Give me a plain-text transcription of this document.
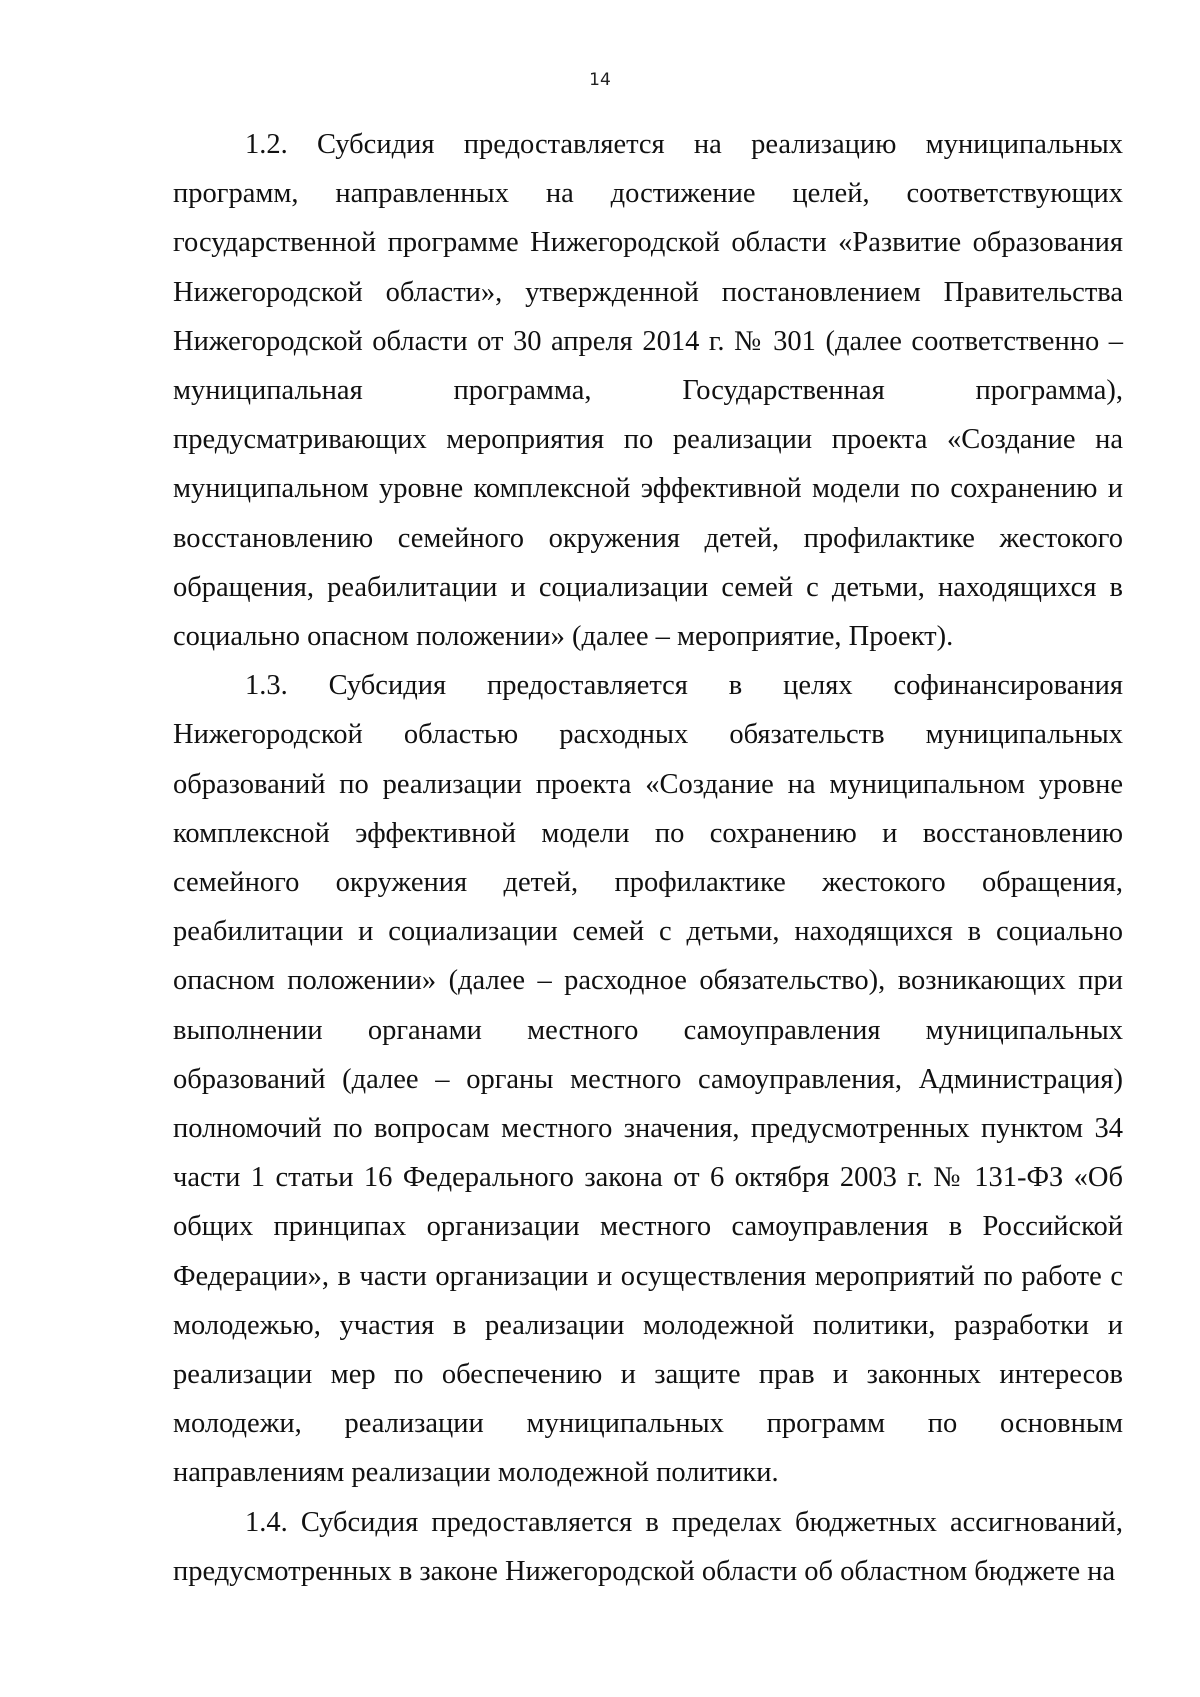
14

1.2. Субсидия предоставляется на реализацию муниципальных программ, направленных на достижение целей, соответствующих государственной программе Нижегородской области «Развитие образования Нижегородской области», утвержденной постановлением Правительства Нижегородской области от 30 апреля 2014 г. № 301 (далее соответственно – муниципальная программа, Государственная программа), предусматривающих мероприятия по реализации проекта «Создание на муниципальном уровне комплексной эффективной модели по сохранению и восстановлению семейного окружения детей, профилактике жестокого обращения, реабилитации и социализации семей с детьми, находящихся в социально опасном положении» (далее – мероприятие, Проект).

1.3. Субсидия предоставляется в целях софинансирования Нижегородской областью расходных обязательств муниципальных образований по реализации проекта «Создание на муниципальном уровне комплексной эффективной модели по сохранению и восстановлению семейного окружения детей, профилактике жестокого обращения, реабилитации и социализации семей с детьми, находящихся в социально опасном положении» (далее – расходное обязательство), возникающих при выполнении органами местного самоуправления муниципальных образований (далее – органы местного самоуправления, Администрация) полномочий по вопросам местного значения, предусмотренных пунктом 34 части 1 статьи 16 Федерального закона от 6 октября 2003 г. № 131-ФЗ «Об общих принципах организации местного самоуправления в Российской Федерации», в части организации и осуществления мероприятий по работе с молодежью, участия в реализации молодежной политики, разработки и реализации мер по обеспечению и защите прав и законных интересов молодежи, реализации муниципальных программ по основным направлениям реализации молодежной политики.

1.4. Субсидия предоставляется в пределах бюджетных ассигнований, предусмотренных в законе Нижегородской области об областном бюджете на
